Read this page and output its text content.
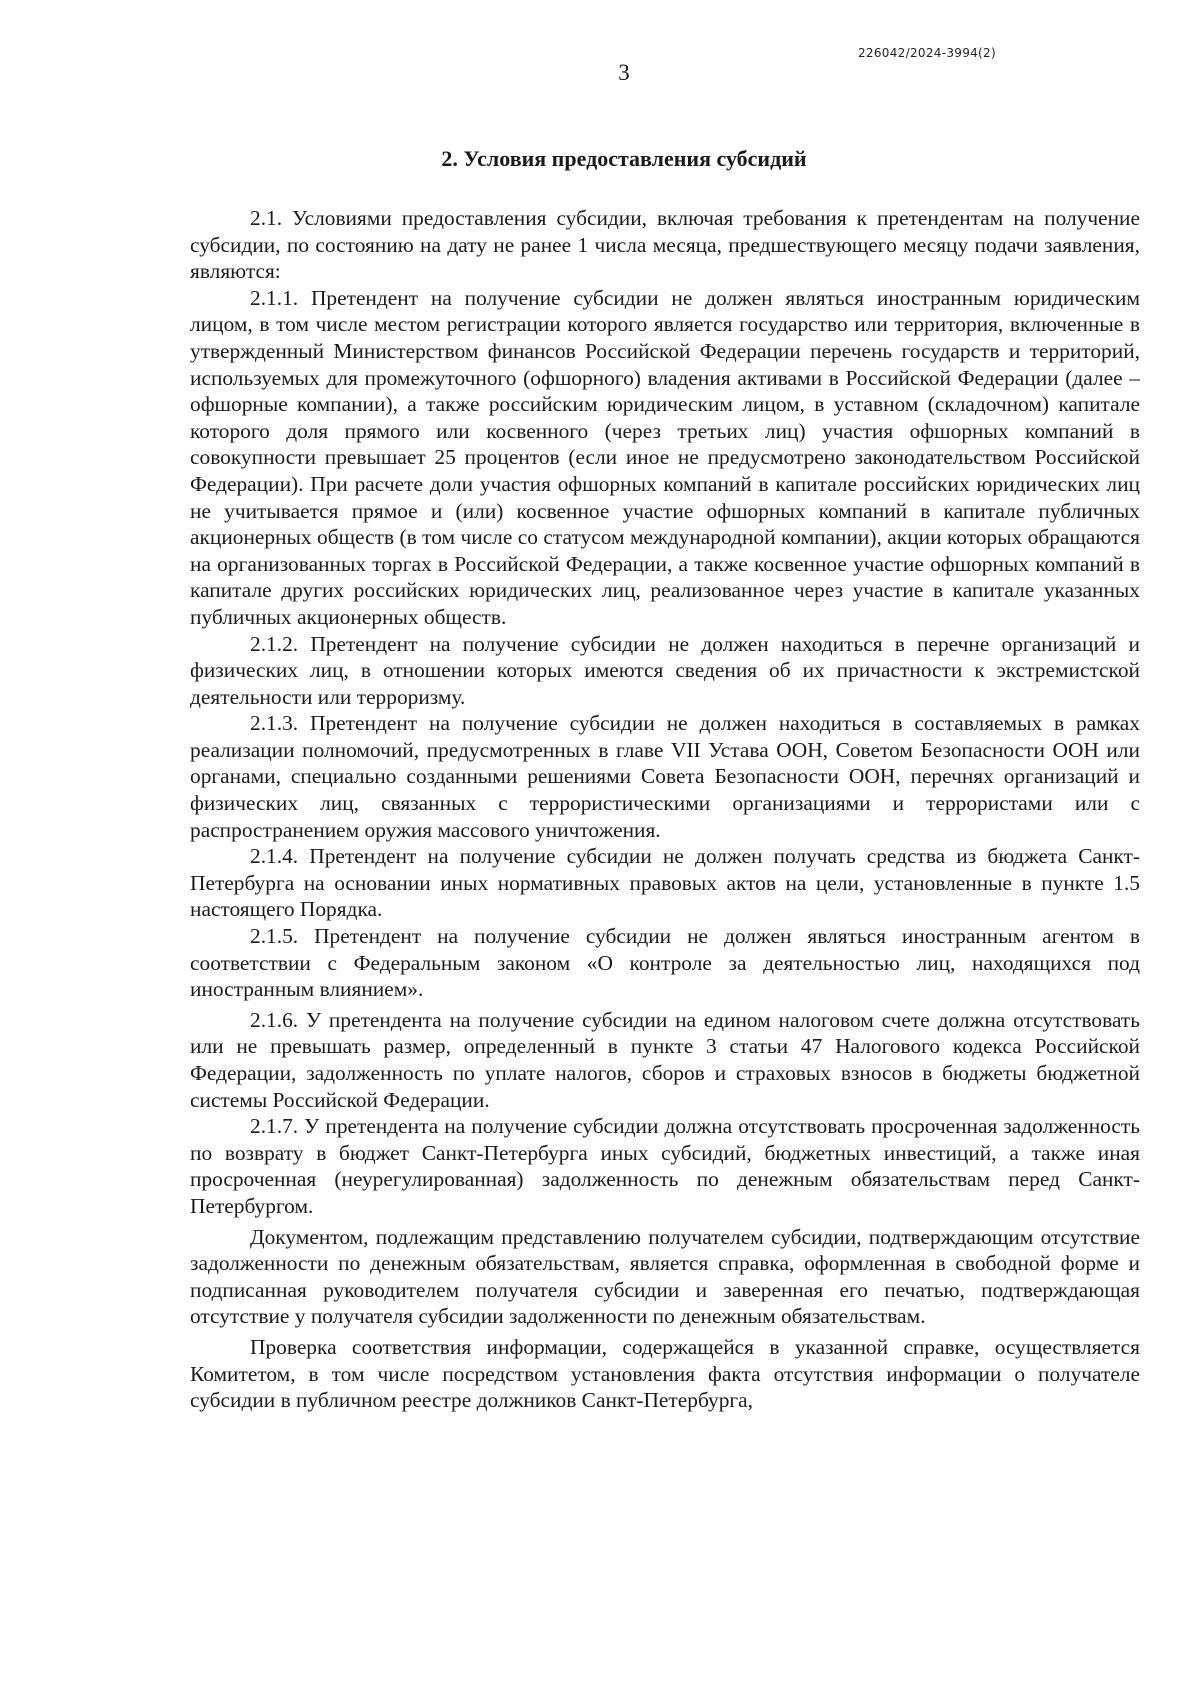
226042/2024-3994(2)
3
2. Условия предоставления субсидий

2.1. Условиями предоставления субсидии, включая требования к претендентам на получение субсидии, по состоянию на дату не ранее 1 числа месяца, предшествующего месяцу подачи заявления, являются:

2.1.1. Претендент на получение субсидии не должен являться иностранным юридическим лицом, в том числе местом регистрации которого является государство или территория, включенные в утвержденный Министерством финансов Российской Федерации перечень государств и территорий, используемых для промежуточного (офшорного) владения активами в Российской Федерации (далее – офшорные компании), а также российским юридическим лицом, в уставном (складочном) капитале которого доля прямого или косвенного (через третьих лиц) участия офшорных компаний в совокупности превышает 25 процентов (если иное не предусмотрено законодательством Российской Федерации). При расчете доли участия офшорных компаний в капитале российских юридических лиц не учитывается прямое и (или) косвенное участие офшорных компаний в капитале публичных акционерных обществ (в том числе со статусом международной компании), акции которых обращаются на организованных торгах в Российской Федерации, а также косвенное участие офшорных компаний в капитале других российских юридических лиц, реализованное через участие в капитале указанных публичных акционерных обществ.

2.1.2. Претендент на получение субсидии не должен находиться в перечне организаций и физических лиц, в отношении которых имеются сведения об их причастности к экстремистской деятельности или терроризму.

2.1.3. Претендент на получение субсидии не должен находиться в составляемых в рамках реализации полномочий, предусмотренных в главе VII Устава ООН, Советом Безопасности ООН или органами, специально созданными решениями Совета Безопасности ООН, перечнях организаций и физических лиц, связанных с террористическими организациями и террористами или с распространением оружия массового уничтожения.

2.1.4. Претендент на получение субсидии не должен получать средства из бюджета Санкт-Петербурга на основании иных нормативных правовых актов на цели, установленные в пункте 1.5 настоящего Порядка.

2.1.5. Претендент на получение субсидии не должен являться иностранным агентом в соответствии с Федеральным законом «О контроле за деятельностью лиц, находящихся под иностранным влиянием».

2.1.6. У претендента на получение субсидии на едином налоговом счете должна отсутствовать или не превышать размер, определенный в пункте 3 статьи 47 Налогового кодекса Российской Федерации, задолженность по уплате налогов, сборов и страховых взносов в бюджеты бюджетной системы Российской Федерации.

2.1.7. У претендента на получение субсидии должна отсутствовать просроченная задолженность по возврату в бюджет Санкт-Петербурга иных субсидий, бюджетных инвестиций, а также иная просроченная (неурегулированная) задолженность по денежным обязательствам перед Санкт-Петербургом.

Документом, подлежащим представлению получателем субсидии, подтверждающим отсутствие задолженности по денежным обязательствам, является справка, оформленная в свободной форме и подписанная руководителем получателя субсидии и заверенная его печатью, подтверждающая отсутствие у получателя субсидии задолженности по денежным обязательствам.

Проверка соответствия информации, содержащейся в указанной справке, осуществляется Комитетом, в том числе посредством установления факта отсутствия информации о получателе субсидии в публичном реестре должников Санкт-Петербурга,
